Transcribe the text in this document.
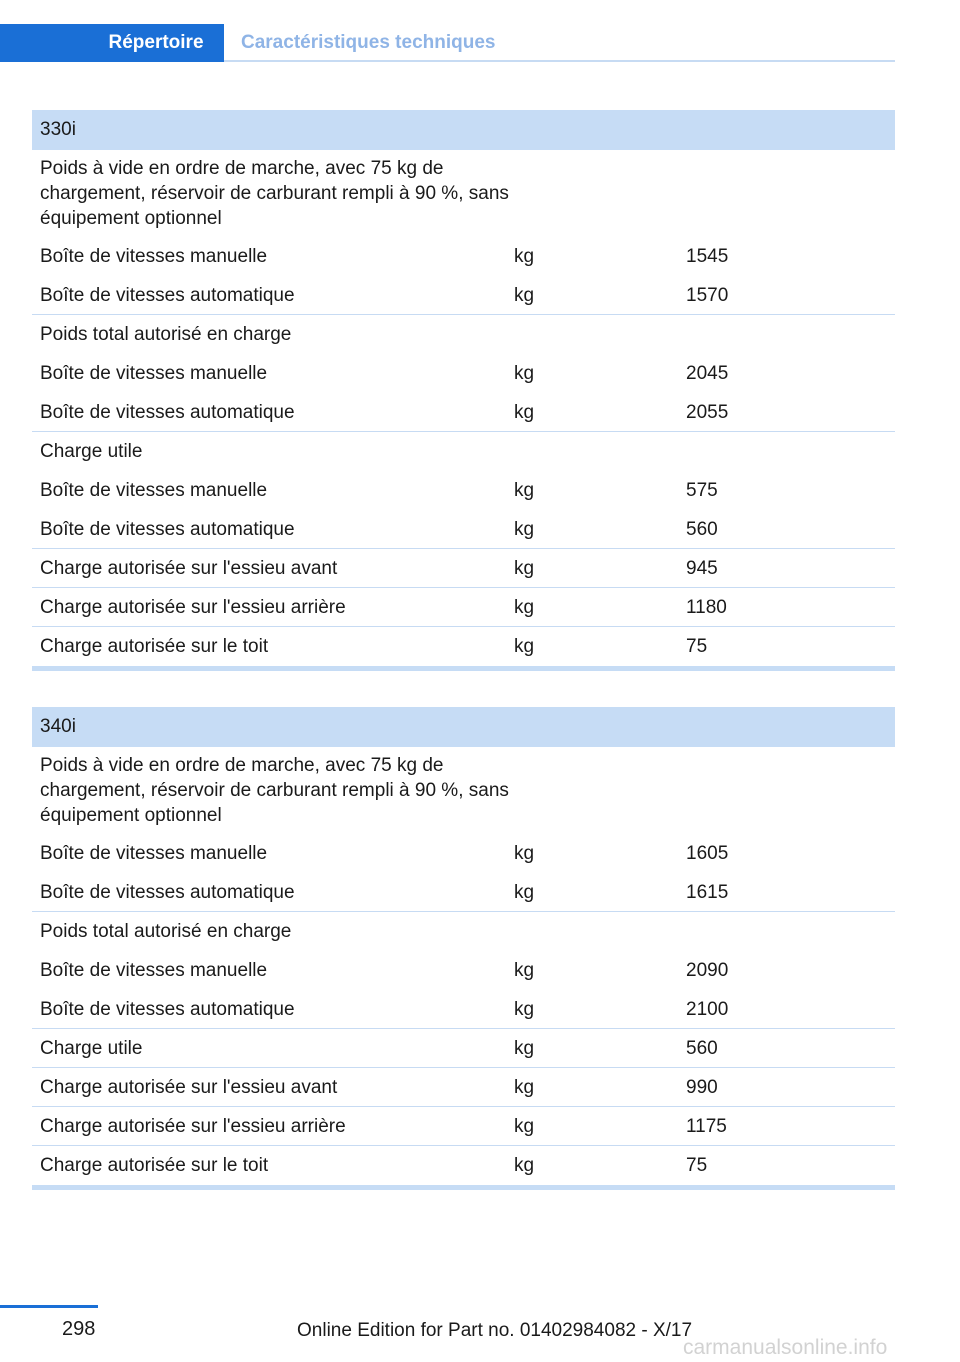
Répertoire	Caractéristiques techniques
330i
Poids à vide en ordre de marche, avec 75 kg de chargement, réservoir de carburant rempli à 90 %, sans équipement optionnel
Boîte de vitesses manuelle	kg	1545
Boîte de vitesses automatique	kg	1570
Poids total autorisé en charge
Boîte de vitesses manuelle	kg	2045
Boîte de vitesses automatique	kg	2055
Charge utile
Boîte de vitesses manuelle	kg	575
Boîte de vitesses automatique	kg	560
Charge autorisée sur l'essieu avant	kg	945
Charge autorisée sur l'essieu arrière	kg	1180
Charge autorisée sur le toit	kg	75
340i
Poids à vide en ordre de marche, avec 75 kg de chargement, réservoir de carburant rempli à 90 %, sans équipement optionnel
Boîte de vitesses manuelle	kg	1605
Boîte de vitesses automatique	kg	1615
Poids total autorisé en charge
Boîte de vitesses manuelle	kg	2090
Boîte de vitesses automatique	kg	2100
Charge utile	kg	560
Charge autorisée sur l'essieu avant	kg	990
Charge autorisée sur l'essieu arrière	kg	1175
Charge autorisée sur le toit	kg	75
298	Online Edition for Part no. 01402984082 - X/17
carmanualsonline.info
